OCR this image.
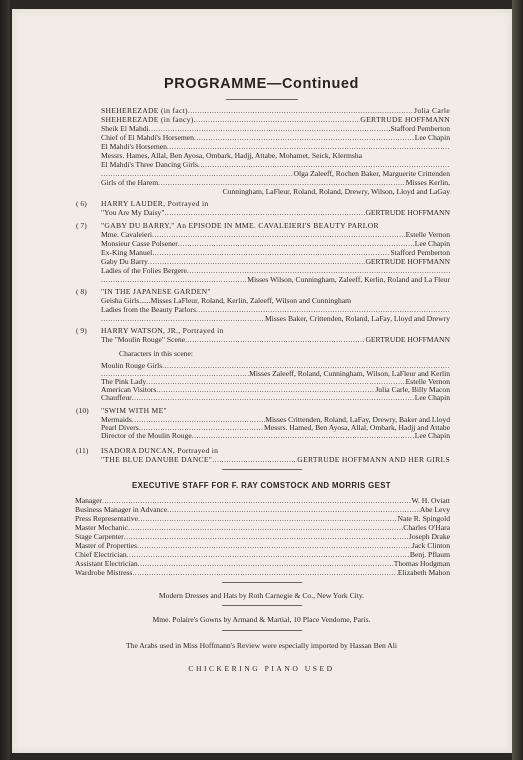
PROGRAMME—Continued
SHEHEREZADE (in fact) .....	Julia Carle
SHEHEREZADE (in fancy) .....	GERTRUDE HOFFMANN
Sheik El Mahdi .....	Stafford Pemberton
Chief of El Mahdi's Horsemen .....	Lee Chapin
El Mahdi's Horsemen
.....
Messrs. Hames, Allal, Ben Ayosa, Ombark, Hadjj, Attabe, Mohamet, Seick, Klermsha
El Mahdi's Three Dancing Girls
.....
.....
Olga Zaleeff, Rochen Baker, Marguerite Crittenden
Girls of the Harem .....	Misses Kerlin,
Cunningham, LaFleur, Roland, Roland, Drewry, Wilson, Lloyd and LaGay
( 6) HARRY LAUDER, Portrayed in
"You Are My Daisy" .....	GERTRUDE HOFFMANN
( 7) "GABY DU BARRY," An EPISODE IN MME. CAVALEIERI'S BEAUTY PARLOR
Mme. Cavaleieri .....	Estelle Vernon
Monsieur Casse Polsener .....	Lee Chapin
Ex-King Manuel .....	Stafford Pemberton
Gaby Du Barry .....	GERTRUDE HOFFMANN
Ladies of the Folies Bergere
.....
.....
Misses Wilson, Cunningham, Zaleeff, Kerlin, Roland and La Fleur
( 8) "IN THE JAPANESE GARDEN"
Geisha Girls......Misses LaFleur, Roland, Kerlin, Zaleeff, Wilson and Cunningham
Ladies from the Beauty Parlors
.....
.....
Misses Baker, Crittenden, Roland, LaFay, Lloyd and Drewry
( 9) HARRY WATSON, JR., Portrayed in
The "Moulin Rouge" Scene .....	GERTRUDE HOFFMANN
Characters in this scene:
Moulin Rouge Girls
.....
.....
Misses Zaleeff, Roland, Cunningham, Wilson, LaFleur and Kerlin
The Pink Lady .....	Estelle Vernon
American Visitors .....	Julia Carle, Billy Macon
Chauffeur .....	Lee Chapin
(10) "SWIM WITH ME"
Mermaids .....	Misses Crittenden, Roland, LaFay, Drewry, Baker and Lloyd
Pearl Divers .....	Messrs. Hamed, Ben Ayosa, Allal, Ombark, Hadjj and Attabe
Director of the Moulin Rouge .....	Lee Chapin
(11) ISADORA DUNCAN, Portrayed in
"THE BLUE DANUBE DANCE" .....	GERTRUDE HOFFMANN AND HER GIRLS
EXECUTIVE STAFF FOR F. RAY COMSTOCK AND MORRIS GEST
Manager .....	W. H. Oviatt
Business Manager in Advance .....	Abe Levy
Press Representative .....	Nate R. Spingold
Master Mechanic .....	Charles O'Hara
Stage Carpenter .....	Joseph Drake
Master of Properties .....	Jack Clinton
Chief Electrician .....	Benj. Pflaum
Assistant Electrician .....	Thomas Hodgman
Wardrobe Mistress .....	Elizabeth Mahon
Modern Dresses and Hats by Roth Carnegie & Co., New York City.
Mme. Polaire's Gowns by Armand & Martial, 10 Place Vendome, Paris.
The Arabs used in Miss Hoffmann's Review were especially imported by Hassan Ben Ali
CHICKERING PIANO USED
